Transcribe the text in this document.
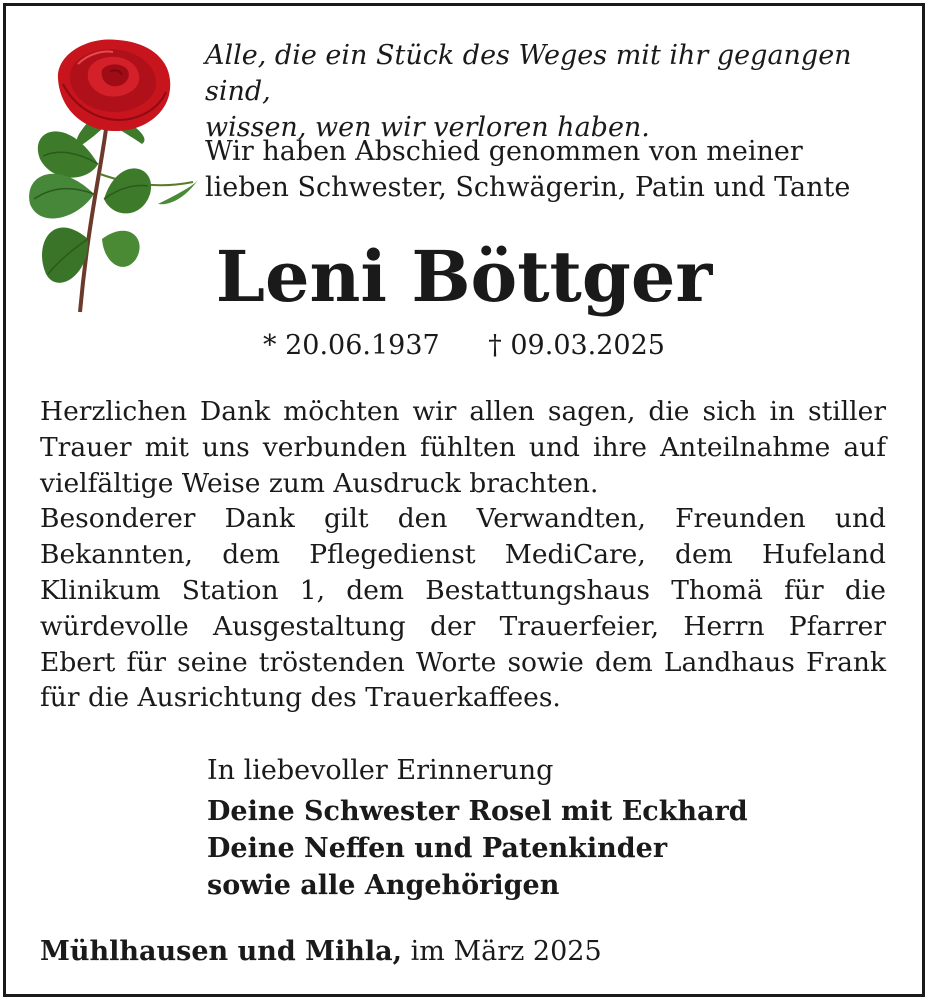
Alle, die ein Stück des Weges mit ihr gegangen sind,
wissen, wen wir verloren haben.
Wir haben Abschied genommen von meiner
lieben Schwester, Schwägerin, Patin und Tante
Leni Böttger
* 20.06.1937 † 09.03.2025

Herzlichen Dank möchten wir allen sagen, die sich in stiller Trauer mit uns verbunden fühlten und ihre Anteilnahme auf vielfältige Weise zum Ausdruck brachten.

Besonderer Dank gilt den Verwandten, Freunden und Bekannten, dem Pflegedienst MediCare, dem Hufeland Klinikum Station 1, dem Bestattungshaus Thomä für die würdevolle Ausgestaltung der Trauerfeier, Herrn Pfarrer Ebert für seine tröstenden Worte sowie dem Landhaus Frank für die Ausrichtung des Trauerkaffees.

In liebevoller Erinnerung

Deine Schwester Rosel mit Eckhard

Deine Neffen und Patenkinder

sowie alle Angehörigen

Mühlhausen und Mihla, im März 2025
